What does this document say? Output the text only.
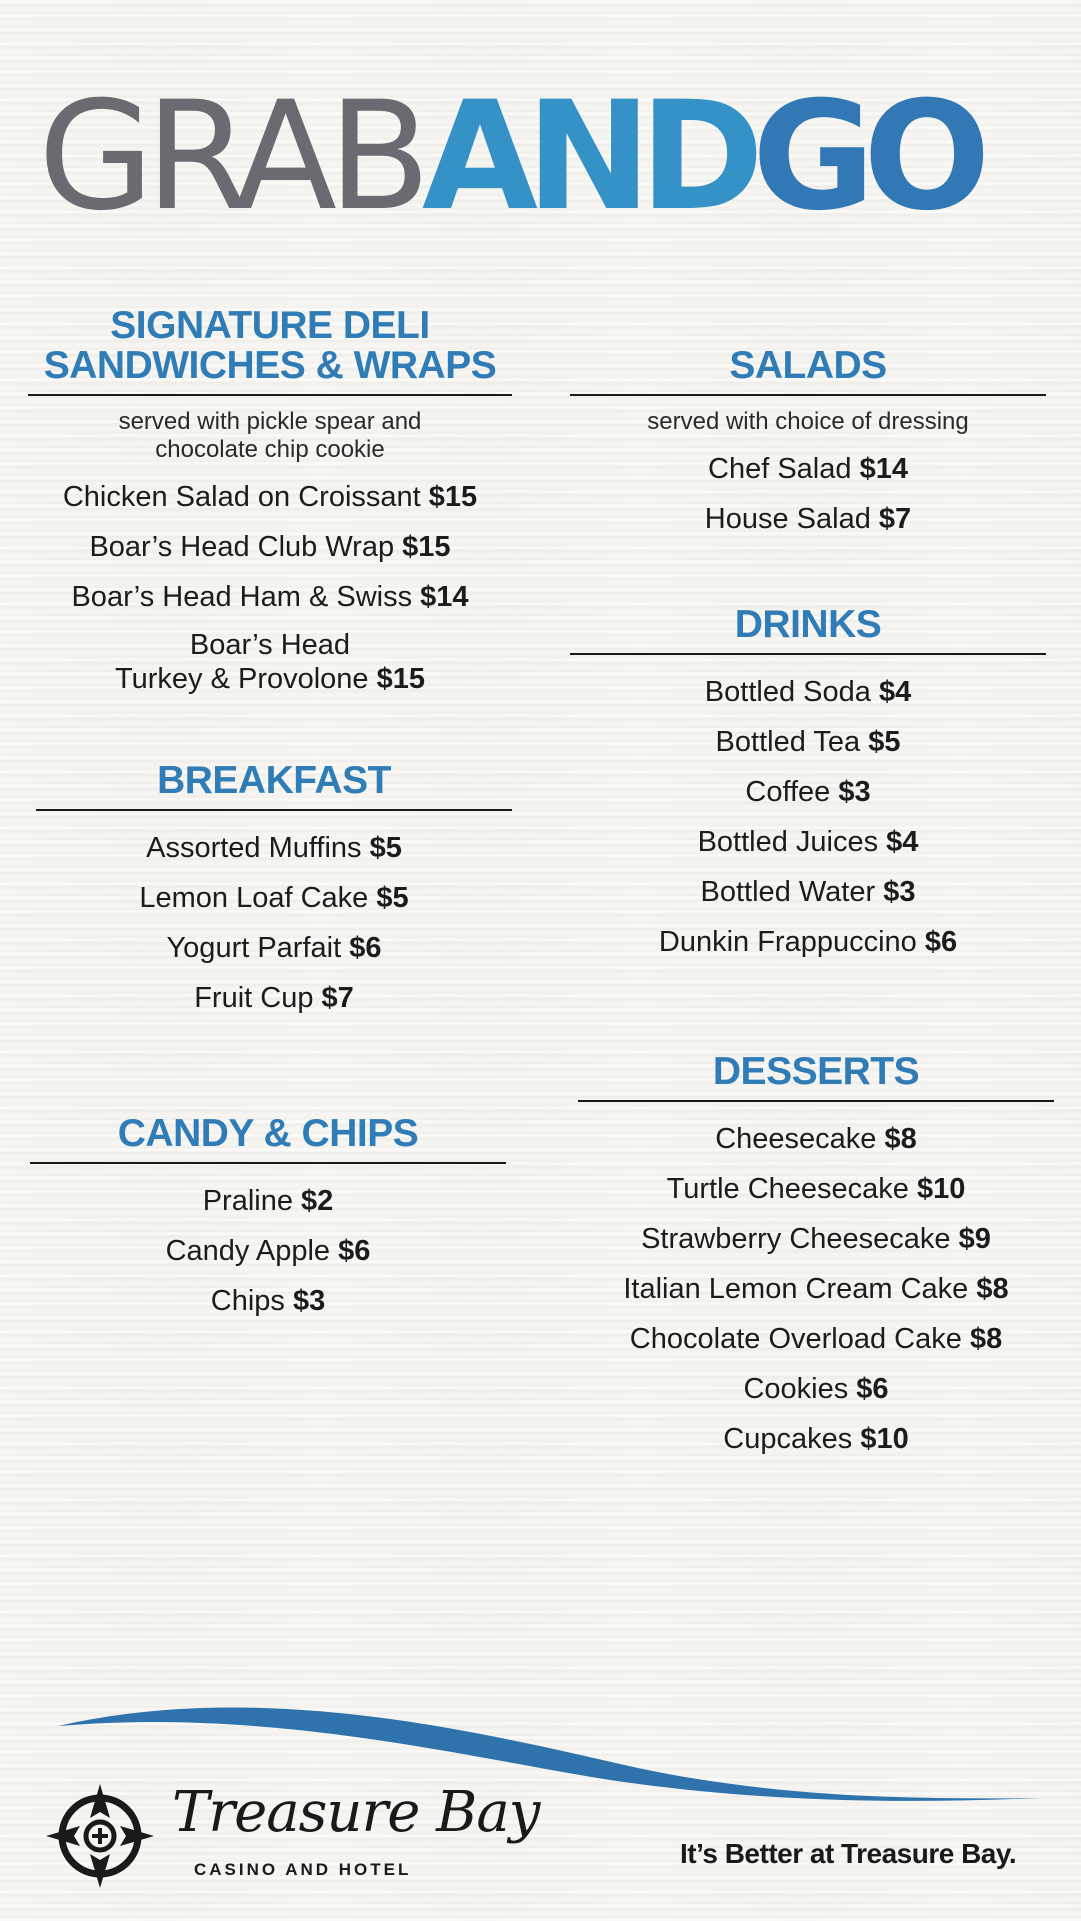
GRABANDGO
SIGNATURE DELI
SANDWICHES & WRAPS
served with pickle spear and
chocolate chip cookie
Chicken Salad on Croissant $15
Boar’s Head Club Wrap $15
Boar’s Head Ham & Swiss $14
Boar’s Head
Turkey & Provolone $15
BREAKFAST
Assorted Muffins $5
Lemon Loaf Cake $5
Yogurt Parfait $6
Fruit Cup $7
CANDY & CHIPS
Praline $2
Candy Apple $6
Chips $3
SALADS
served with choice of dressing
Chef Salad $14
House Salad $7
DRINKS
Bottled Soda $4
Bottled Tea $5
Coffee $3
Bottled Juices $4
Bottled Water $3
Dunkin Frappuccino $6
DESSERTS
Cheesecake $8
Turtle Cheesecake $10
Strawberry Cheesecake $9
Italian Lemon Cream Cake $8
Chocolate Overload Cake $8
Cookies $6
Cupcakes $10
Treasure Bay
CASINO AND HOTEL
It’s Better at Treasure Bay.
